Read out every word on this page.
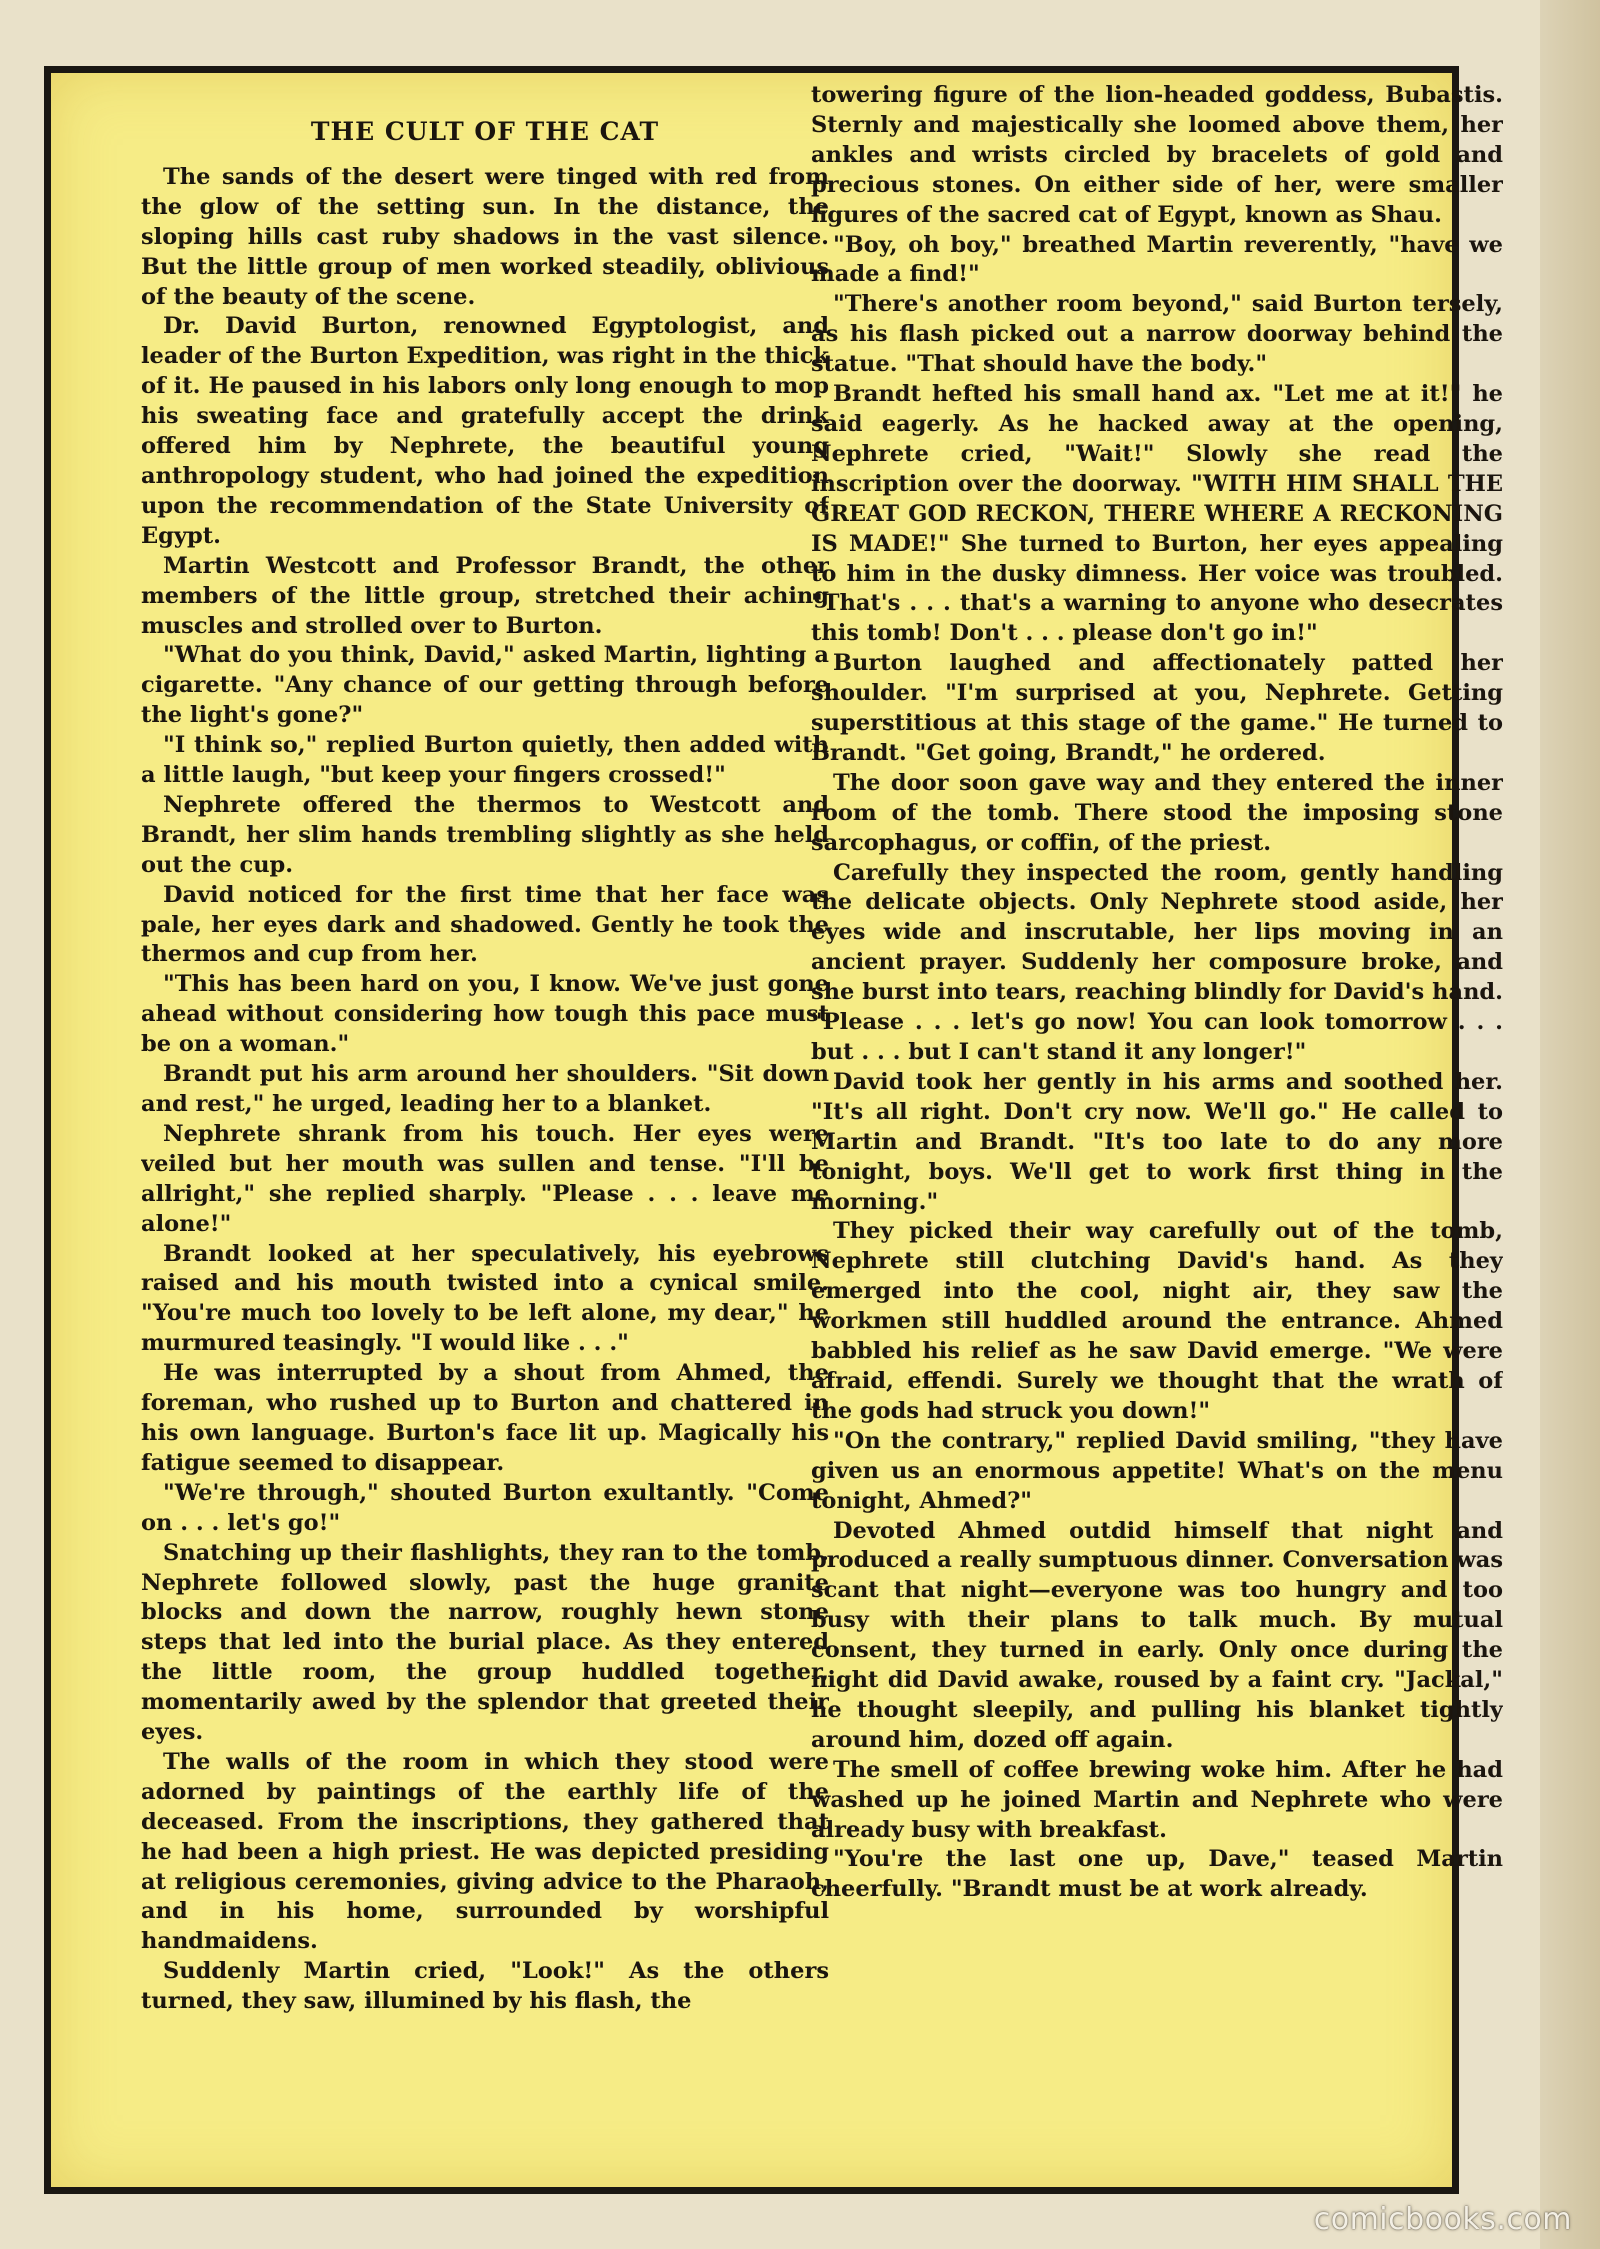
THE CULT OF THE CAT

The sands of the desert were tinged with red from the glow of the setting sun. In the distance, the sloping hills cast ruby shadows in the vast silence. But the little group of men worked steadily, oblivious of the beauty of the scene.

Dr. David Burton, renowned Egyptologist, and leader of the Burton Expedition, was right in the thick of it. He paused in his labors only long enough to mop his sweating face and gratefully accept the drink offered him by Nephrete, the beautiful young anthropology student, who had joined the expedition upon the recommendation of the State University of Egypt.

Martin Westcott and Professor Brandt, the other members of the little group, stretched their aching muscles and strolled over to Burton.

"What do you think, David," asked Martin, lighting a cigarette. "Any chance of our getting through before the light's gone?"

"I think so," replied Burton quietly, then added with a little laugh, "but keep your fingers crossed!"

Nephrete offered the thermos to Westcott and Brandt, her slim hands trembling slightly as she held out the cup.

David noticed for the first time that her face was pale, her eyes dark and shadowed. Gently he took the thermos and cup from her.

"This has been hard on you, I know. We've just gone ahead without considering how tough this pace must be on a woman."

Brandt put his arm around her shoulders. "Sit down and rest," he urged, leading her to a blanket.

Nephrete shrank from his touch. Her eyes were veiled but her mouth was sullen and tense. "I'll be allright," she replied sharply. "Please . . . leave me alone!"

Brandt looked at her speculatively, his eyebrows raised and his mouth twisted into a cynical smile. "You're much too lovely to be left alone, my dear," he murmured teasingly. "I would like . . ."

He was interrupted by a shout from Ahmed, the foreman, who rushed up to Burton and chattered in his own language. Burton's face lit up. Magically his fatigue seemed to disappear.

"We're through," shouted Burton exultantly. "Come on . . . let's go!"

Snatching up their flashlights, they ran to the tomb. Nephrete followed slowly, past the huge granite blocks and down the narrow, roughly hewn stone steps that led into the burial place. As they entered the little room, the group huddled together, momentarily awed by the splendor that greeted their eyes.

The walls of the room in which they stood were adorned by paintings of the earthly life of the deceased. From the inscriptions, they gathered that he had been a high priest. He was depicted presiding at religious ceremonies, giving advice to the Pharaoh, and in his home, surrounded by worshipful handmaidens.

Suddenly Martin cried, "Look!" As the others turned, they saw, illumined by his flash, the

towering figure of the lion-headed goddess, Bubastis. Sternly and majestically she loomed above them, her ankles and wrists circled by bracelets of gold and precious stones. On either side of her, were smaller figures of the sacred cat of Egypt, known as Shau.

"Boy, oh boy," breathed Martin reverently, "have we made a find!"

"There's another room beyond," said Burton tersely, as his flash picked out a narrow doorway behind the statue. "That should have the body."

Brandt hefted his small hand ax. "Let me at it!" he said eagerly. As he hacked away at the opening, Nephrete cried, "Wait!" Slowly she read the inscription over the doorway. "WITH HIM SHALL THE GREAT GOD RECKON, THERE WHERE A RECKONING IS MADE!" She turned to Burton, her eyes appealing to him in the dusky dimness. Her voice was troubled. "That's . . . that's a warning to anyone who desecrates this tomb! Don't . . . please don't go in!"

Burton laughed and affectionately patted her shoulder. "I'm surprised at you, Nephrete. Getting superstitious at this stage of the game." He turned to Brandt. "Get going, Brandt," he ordered.

The door soon gave way and they entered the inner room of the tomb. There stood the imposing stone sarcophagus, or coffin, of the priest.

Carefully they inspected the room, gently handling the delicate objects. Only Nephrete stood aside, her eyes wide and inscrutable, her lips moving in an ancient prayer. Suddenly her composure broke, and she burst into tears, reaching blindly for David's hand. "Please . . . let's go now! You can look tomorrow . . . but . . . but I can't stand it any longer!"

David took her gently in his arms and soothed her. "It's all right. Don't cry now. We'll go." He called to Martin and Brandt. "It's too late to do any more tonight, boys. We'll get to work first thing in the morning."

They picked their way carefully out of the tomb, Nephrete still clutching David's hand. As they emerged into the cool, night air, they saw the workmen still huddled around the entrance. Ahmed babbled his relief as he saw David emerge. "We were afraid, effendi. Surely we thought that the wrath of the gods had struck you down!"

"On the contrary," replied David smiling, "they have given us an enormous appetite! What's on the menu tonight, Ahmed?"

Devoted Ahmed outdid himself that night and produced a really sumptuous dinner. Conversation was scant that night—everyone was too hungry and too busy with their plans to talk much. By mutual consent, they turned in early. Only once during the night did David awake, roused by a faint cry. "Jackal," he thought sleepily, and pulling his blanket tightly around him, dozed off again.

The smell of coffee brewing woke him. After he had washed up he joined Martin and Nephrete who were already busy with breakfast.

"You're the last one up, Dave," teased Martin cheerfully. "Brandt must be at work already.

comicbooks.com
